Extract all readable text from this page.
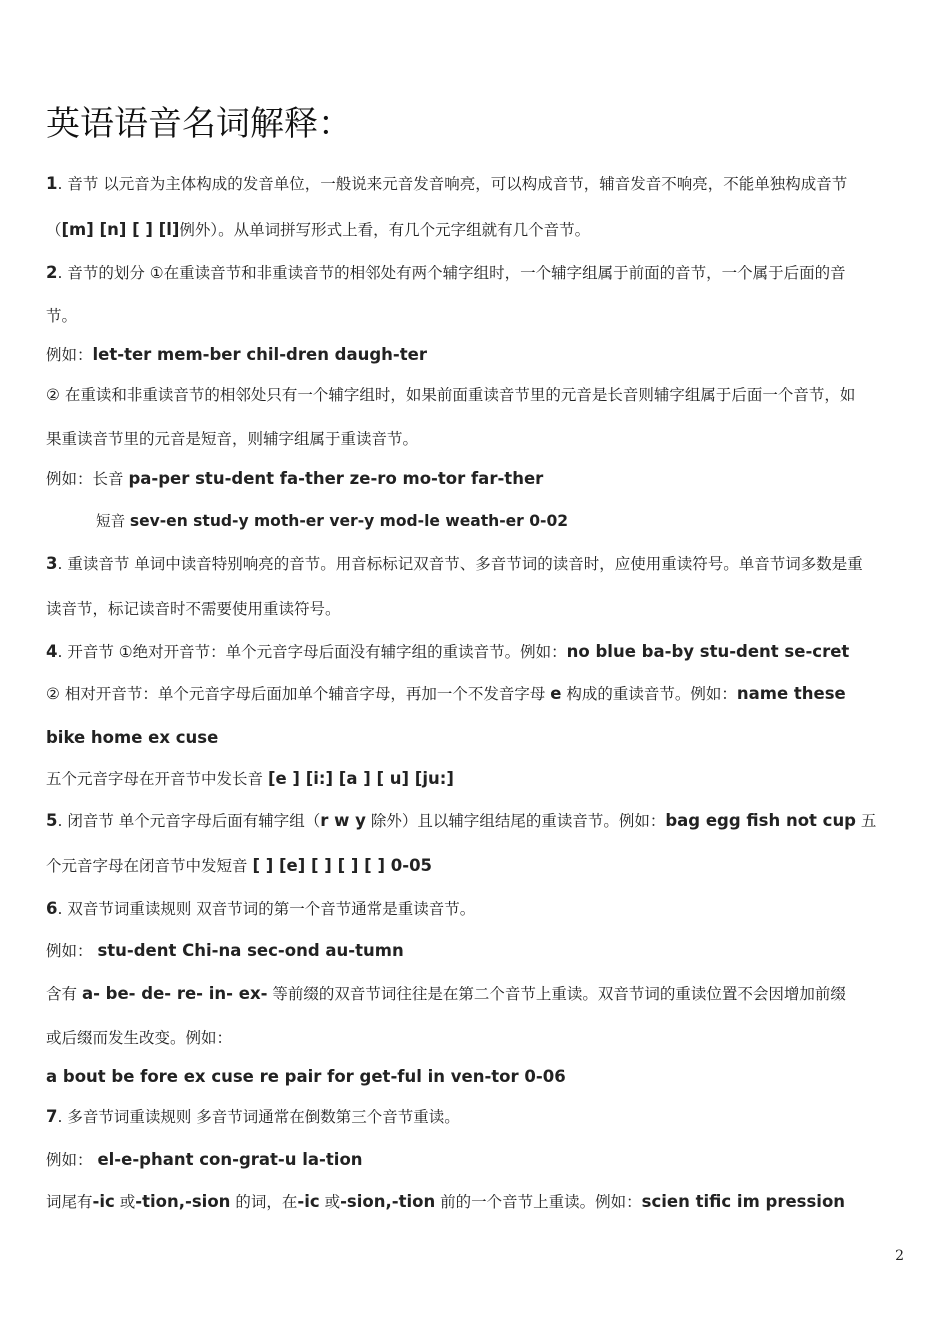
英语语音名词解释：
1. 音节 以元音为主体构成的发音单位，一般说来元音发音响亮，可以构成音节，辅音发音不响亮，不能单独构成音节
（[m] [n] [ ] [l]例外）。从单词拼写形式上看，有几个元字组就有几个音节。
2. 音节的划分 ①在重读音节和非重读音节的相邻处有两个辅字组时，一个辅字组属于前面的音节，一个属于后面的音
节。
例如：let-ter mem-ber chil-dren daugh-ter
② 在重读和非重读音节的相邻处只有一个辅字组时，如果前面重读音节里的元音是长音则辅字组属于后面一个音节，如
果重读音节里的元音是短音，则辅字组属于重读音节。
例如：长音 pa-per stu-dent fa-ther ze-ro mo-tor far-ther
短音 sev-en stud-y moth-er ver-y mod-le weath-er 0-02
3. 重读音节 单词中读音特别响亮的音节。用音标标记双音节、多音节词的读音时，应使用重读符号。单音节词多数是重
读音节，标记读音时不需要使用重读符号。
4. 开音节 ①绝对开音节：单个元音字母后面没有辅字组的重读音节。例如：no blue ba-by stu-dent se-cret
② 相对开音节：单个元音字母后面加单个辅音字母，再加一个不发音字母 e 构成的重读音节。例如：name these
bike home ex cuse
五个元音字母在开音节中发长音 [e ] [i:] [a ] [ u] [ju:]
5. 闭音节 单个元音字母后面有辅字组（r w y 除外）且以辅字组结尾的重读音节。例如：bag egg fish not cup 五
个元音字母在闭音节中发短音 [ ] [e] [ ] [ ] [ ] 0-05
6. 双音节词重读规则 双音节词的第一个音节通常是重读音节。
例如： stu-dent Chi-na sec-ond au-tumn
含有 a- be- de- re- in- ex- 等前缀的双音节词往往是在第二个音节上重读。双音节词的重读位置不会因增加前缀
或后缀而发生改变。例如：
a bout be fore ex cuse re pair for get-ful in ven-tor 0-06
7. 多音节词重读规则 多音节词通常在倒数第三个音节重读。
例如： el-e-phant con-grat-u la-tion
词尾有-ic 或-tion,-sion 的词，在-ic 或-sion,-tion 前的一个音节上重读。例如：scien tific im pression
2
